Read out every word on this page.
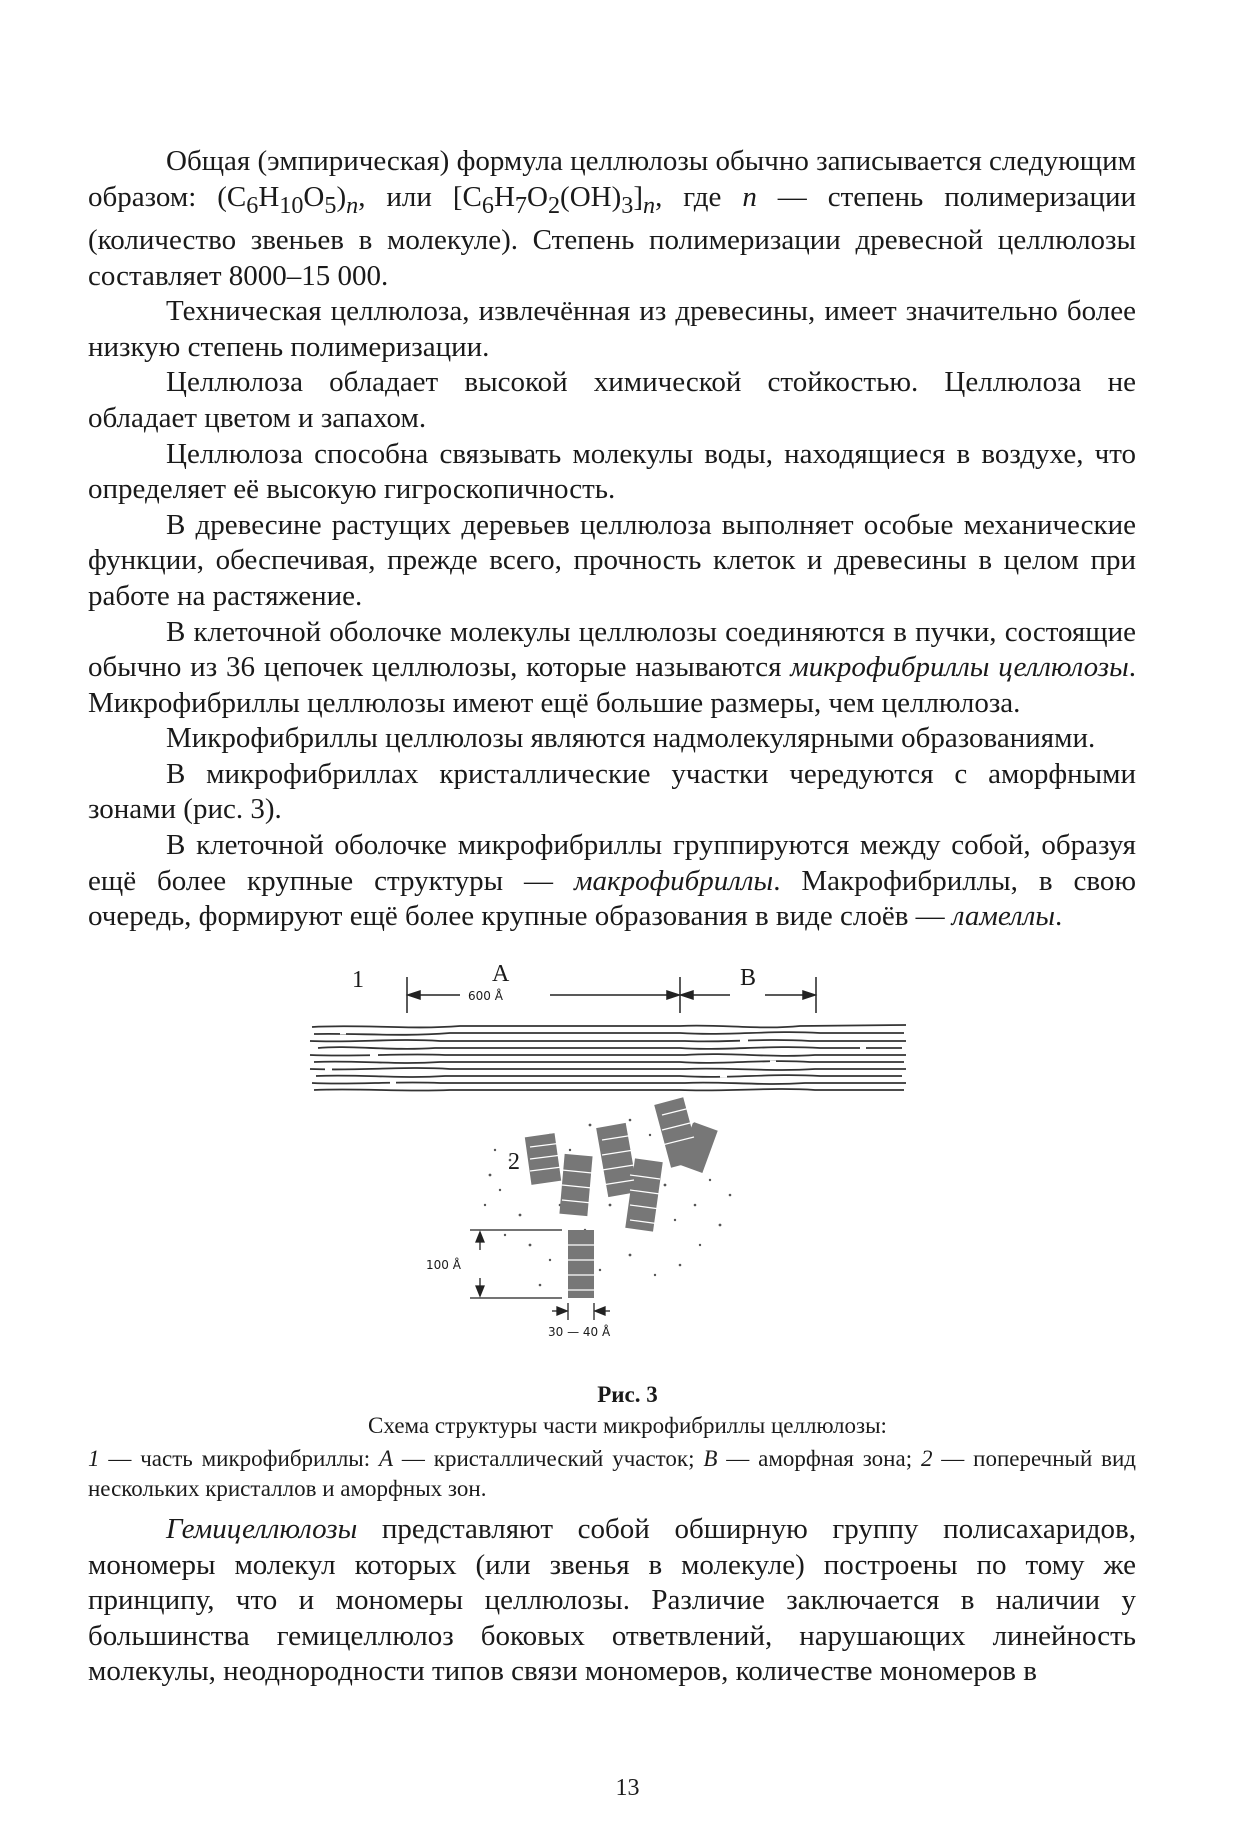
Общая (эмпирическая) формула целлюлозы обычно записывается следующим образом: $(C_6H_{10}O_5)_n$, или $[C_6H_7O_2(OH)_3]_n$, где n — степень полимеризации (количество звеньев в молекуле). Степень полимеризации древесной целлюлозы составляет 8000–15 000.

Техническая целлюлоза, извлечённая из древесины, имеет значительно более низкую степень полимеризации.

Целлюлоза обладает высокой химической стойкостью. Целлюлоза не обладает цветом и запахом.

Целлюлоза способна связывать молекулы воды, находящиеся в воздухе, что определяет её высокую гигроскопичность.

В древесине растущих деревьев целлюлоза выполняет особые механические функции, обеспечивая, прежде всего, прочность клеток и древесины в целом при работе на растяжение.

В клеточной оболочке молекулы целлюлозы соединяются в пучки, состоящие обычно из 36 цепочек целлюлозы, которые называются микрофибриллы целлюлозы. Микрофибриллы целлюлозы имеют ещё большие размеры, чем целлюлоза.

Микрофибриллы целлюлозы являются надмолекулярными образованиями.

В микрофибриллах кристаллические участки чередуются с аморфными зонами (рис. 3).

В клеточной оболочке микрофибриллы группируются между собой, образуя ещё более крупные структуры — макрофибриллы. Макрофибриллы, в свою очередь, формируют ещё более крупные образования в виде слоёв — ламеллы.

1	A
600 Å
B
2
100 Å
30 — 40 Å
Рис. 3
Схема структуры части микрофибриллы целлюлозы:
1 — часть микрофибриллы: A — кристаллический участок; B — аморфная зона; 2 — поперечный вид нескольких кристаллов и аморфных зон.

Гемицеллюлозы представляют собой обширную группу полисахаридов, мономеры молекул которых (или звенья в молекуле) построены по тому же принципу, что и мономеры целлюлозы. Различие заключается в наличии у большинства гемицеллюлоз боковых ответвлений, нарушающих линейность молекулы, неоднородности типов связи мономеров, количестве мономеров в

13
